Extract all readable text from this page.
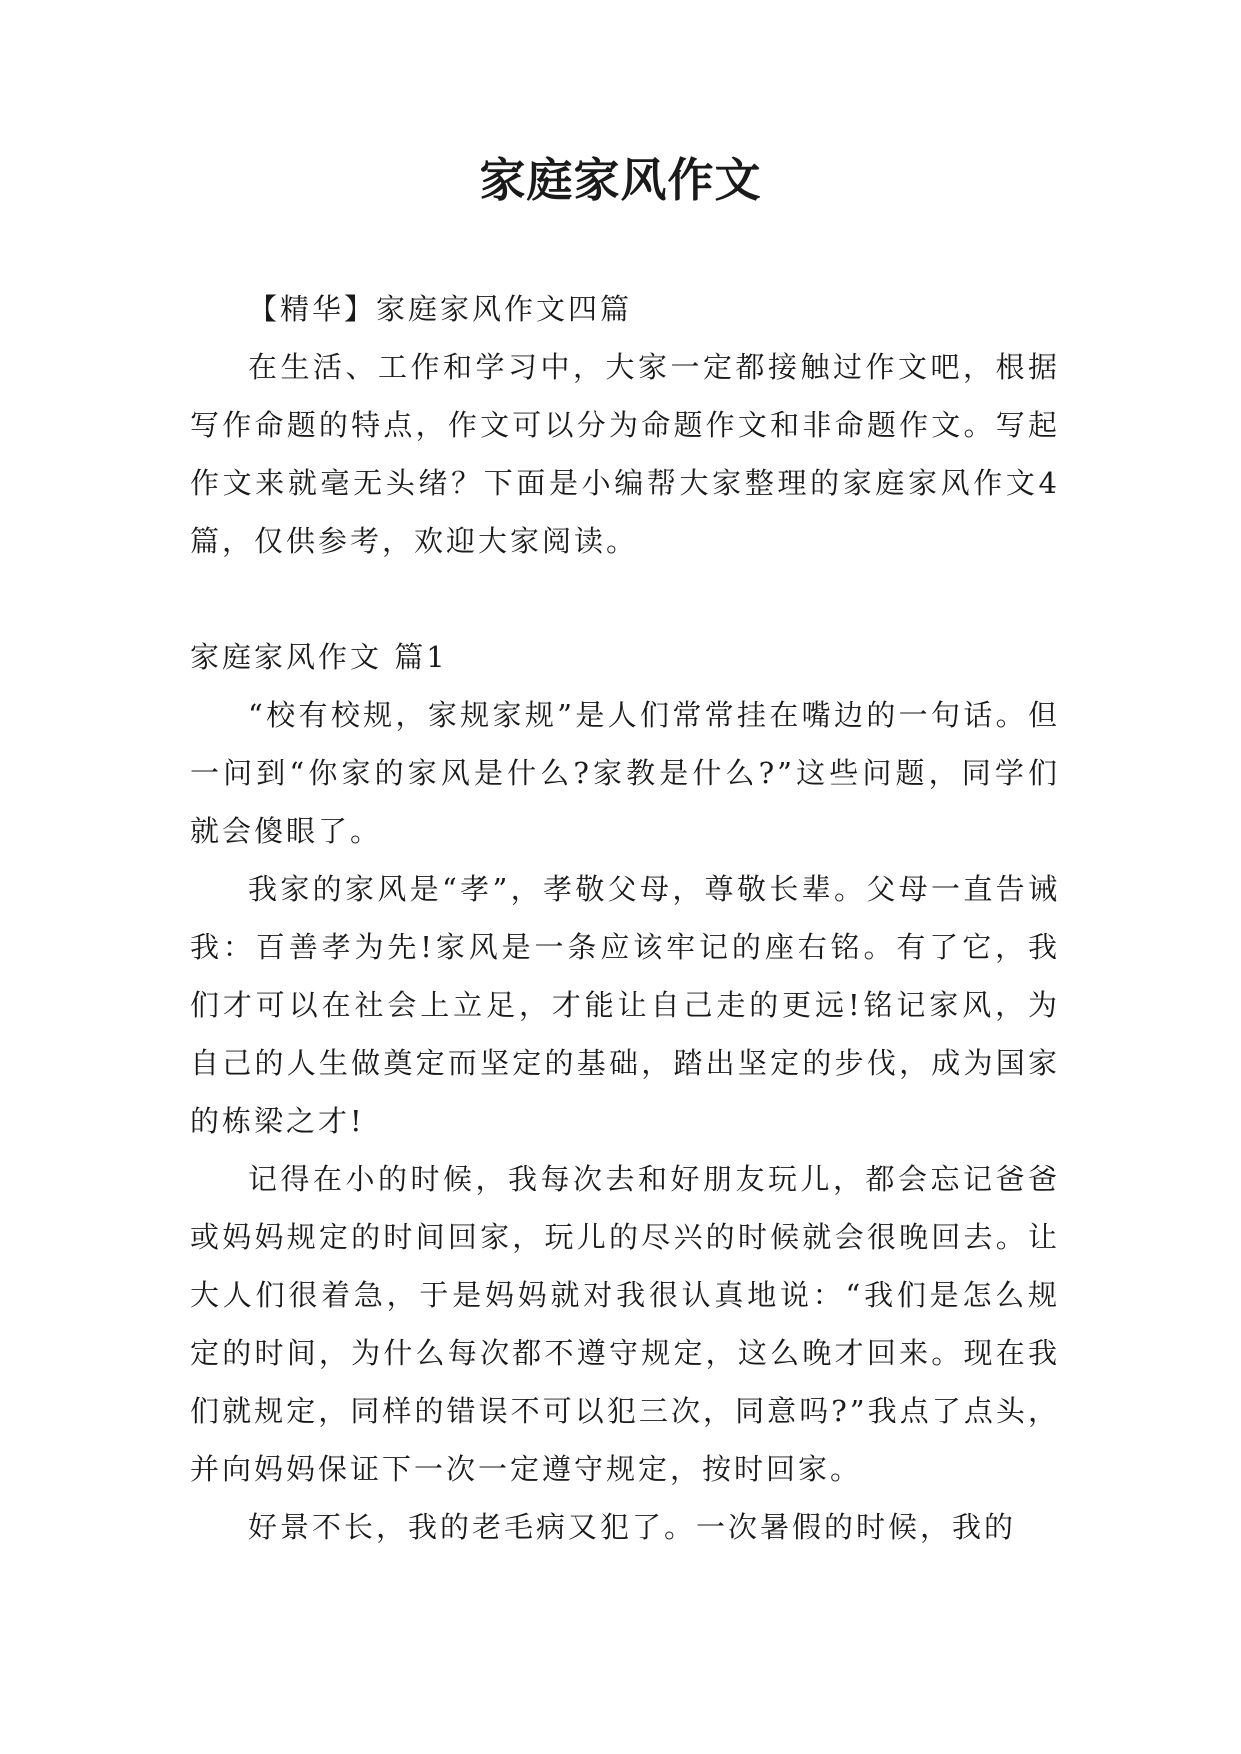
家庭家风作文

【精华】家庭家风作文四篇

在生活、工作和学习中，大家一定都接触过作文吧，根据写作命题的特点，作文可以分为命题作文和非命题作文。写起作文来就毫无头绪？下面是小编帮大家整理的家庭家风作文4篇，仅供参考，欢迎大家阅读。

家庭家风作文 篇1

“校有校规，家规家规”是人们常常挂在嘴边的一句话。但一问到“你家的家风是什么?家教是什么?”这些问题，同学们就会傻眼了。

我家的家风是“孝”，孝敬父母，尊敬长辈。父母一直告诫我：百善孝为先!家风是一条应该牢记的座右铭。有了它，我们才可以在社会上立足，才能让自己走的更远!铭记家风，为自己的人生做奠定而坚定的基础，踏出坚定的步伐，成为国家的栋梁之才!

记得在小的时候，我每次去和好朋友玩儿，都会忘记爸爸或妈妈规定的时间回家，玩儿的尽兴的时候就会很晚回去。让大人们很着急，于是妈妈就对我很认真地说：“我们是怎么规定的时间，为什么每次都不遵守规定，这么晚才回来。现在我们就规定，同样的错误不可以犯三次，同意吗?”我点了点头，并向妈妈保证下一次一定遵守规定，按时回家。

好景不长，我的老毛病又犯了。一次暑假的时候，我的
